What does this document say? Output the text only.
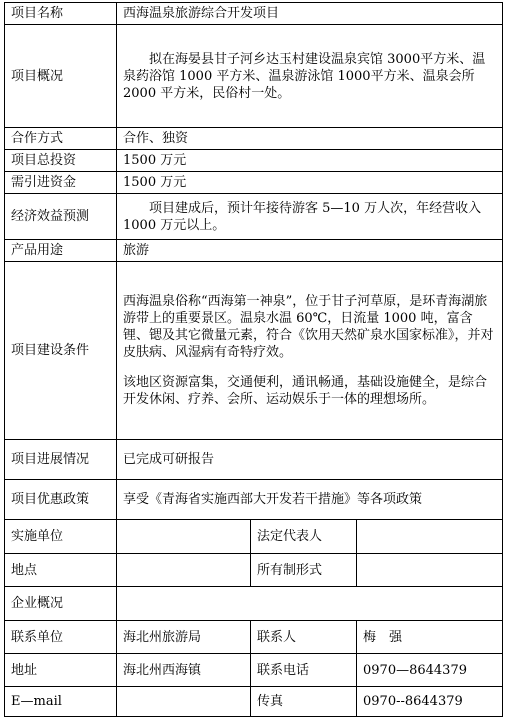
项目名称	西海温泉旅游综合开发项目		
项目概况	拟在海晏县甘子河乡达玉村建设温泉宾馆 3000平方米、温泉药浴馆 1000 平方米、温泉游泳馆 1000平方米、温泉会所 2000 平方米，民俗村一处。		
合作方式	合作、独资		
项目总投资	1500 万元		
需引进资金	1500 万元		
经济效益预测	项目建成后，预计年接待游客 5—10 万人次，年经营收入 1000 万元以上。		
产品用途	旅游		
项目建设条件	西海温泉俗称“西海第一神泉”，位于甘子河草原，是环青海湖旅游带上的重要景区。温泉水温 60℃，日流量 1000 吨，富含锂、锶及其它微量元素，符合《饮用天然矿泉水国家标准》，并对皮肤病、风湿病有奇特疗效。

该地区资源富集，交通便利，通讯畅通，基础设施健全，是综合开发休闲、疗养、会所、运动娱乐于一体的理想场所。		

项目进展情况	已完成可研报告		
项目优惠政策	享受《青海省实施西部大开发若干措施》等各项政策		
实施单位		法定代表人	
地点		所有制形式	
企业概况			
联系单位	海北州旅游局	联系人	梅　强
地址	海北州西海镇	联系电话	0970—8644379
E—mail		传真	0970--8644379
